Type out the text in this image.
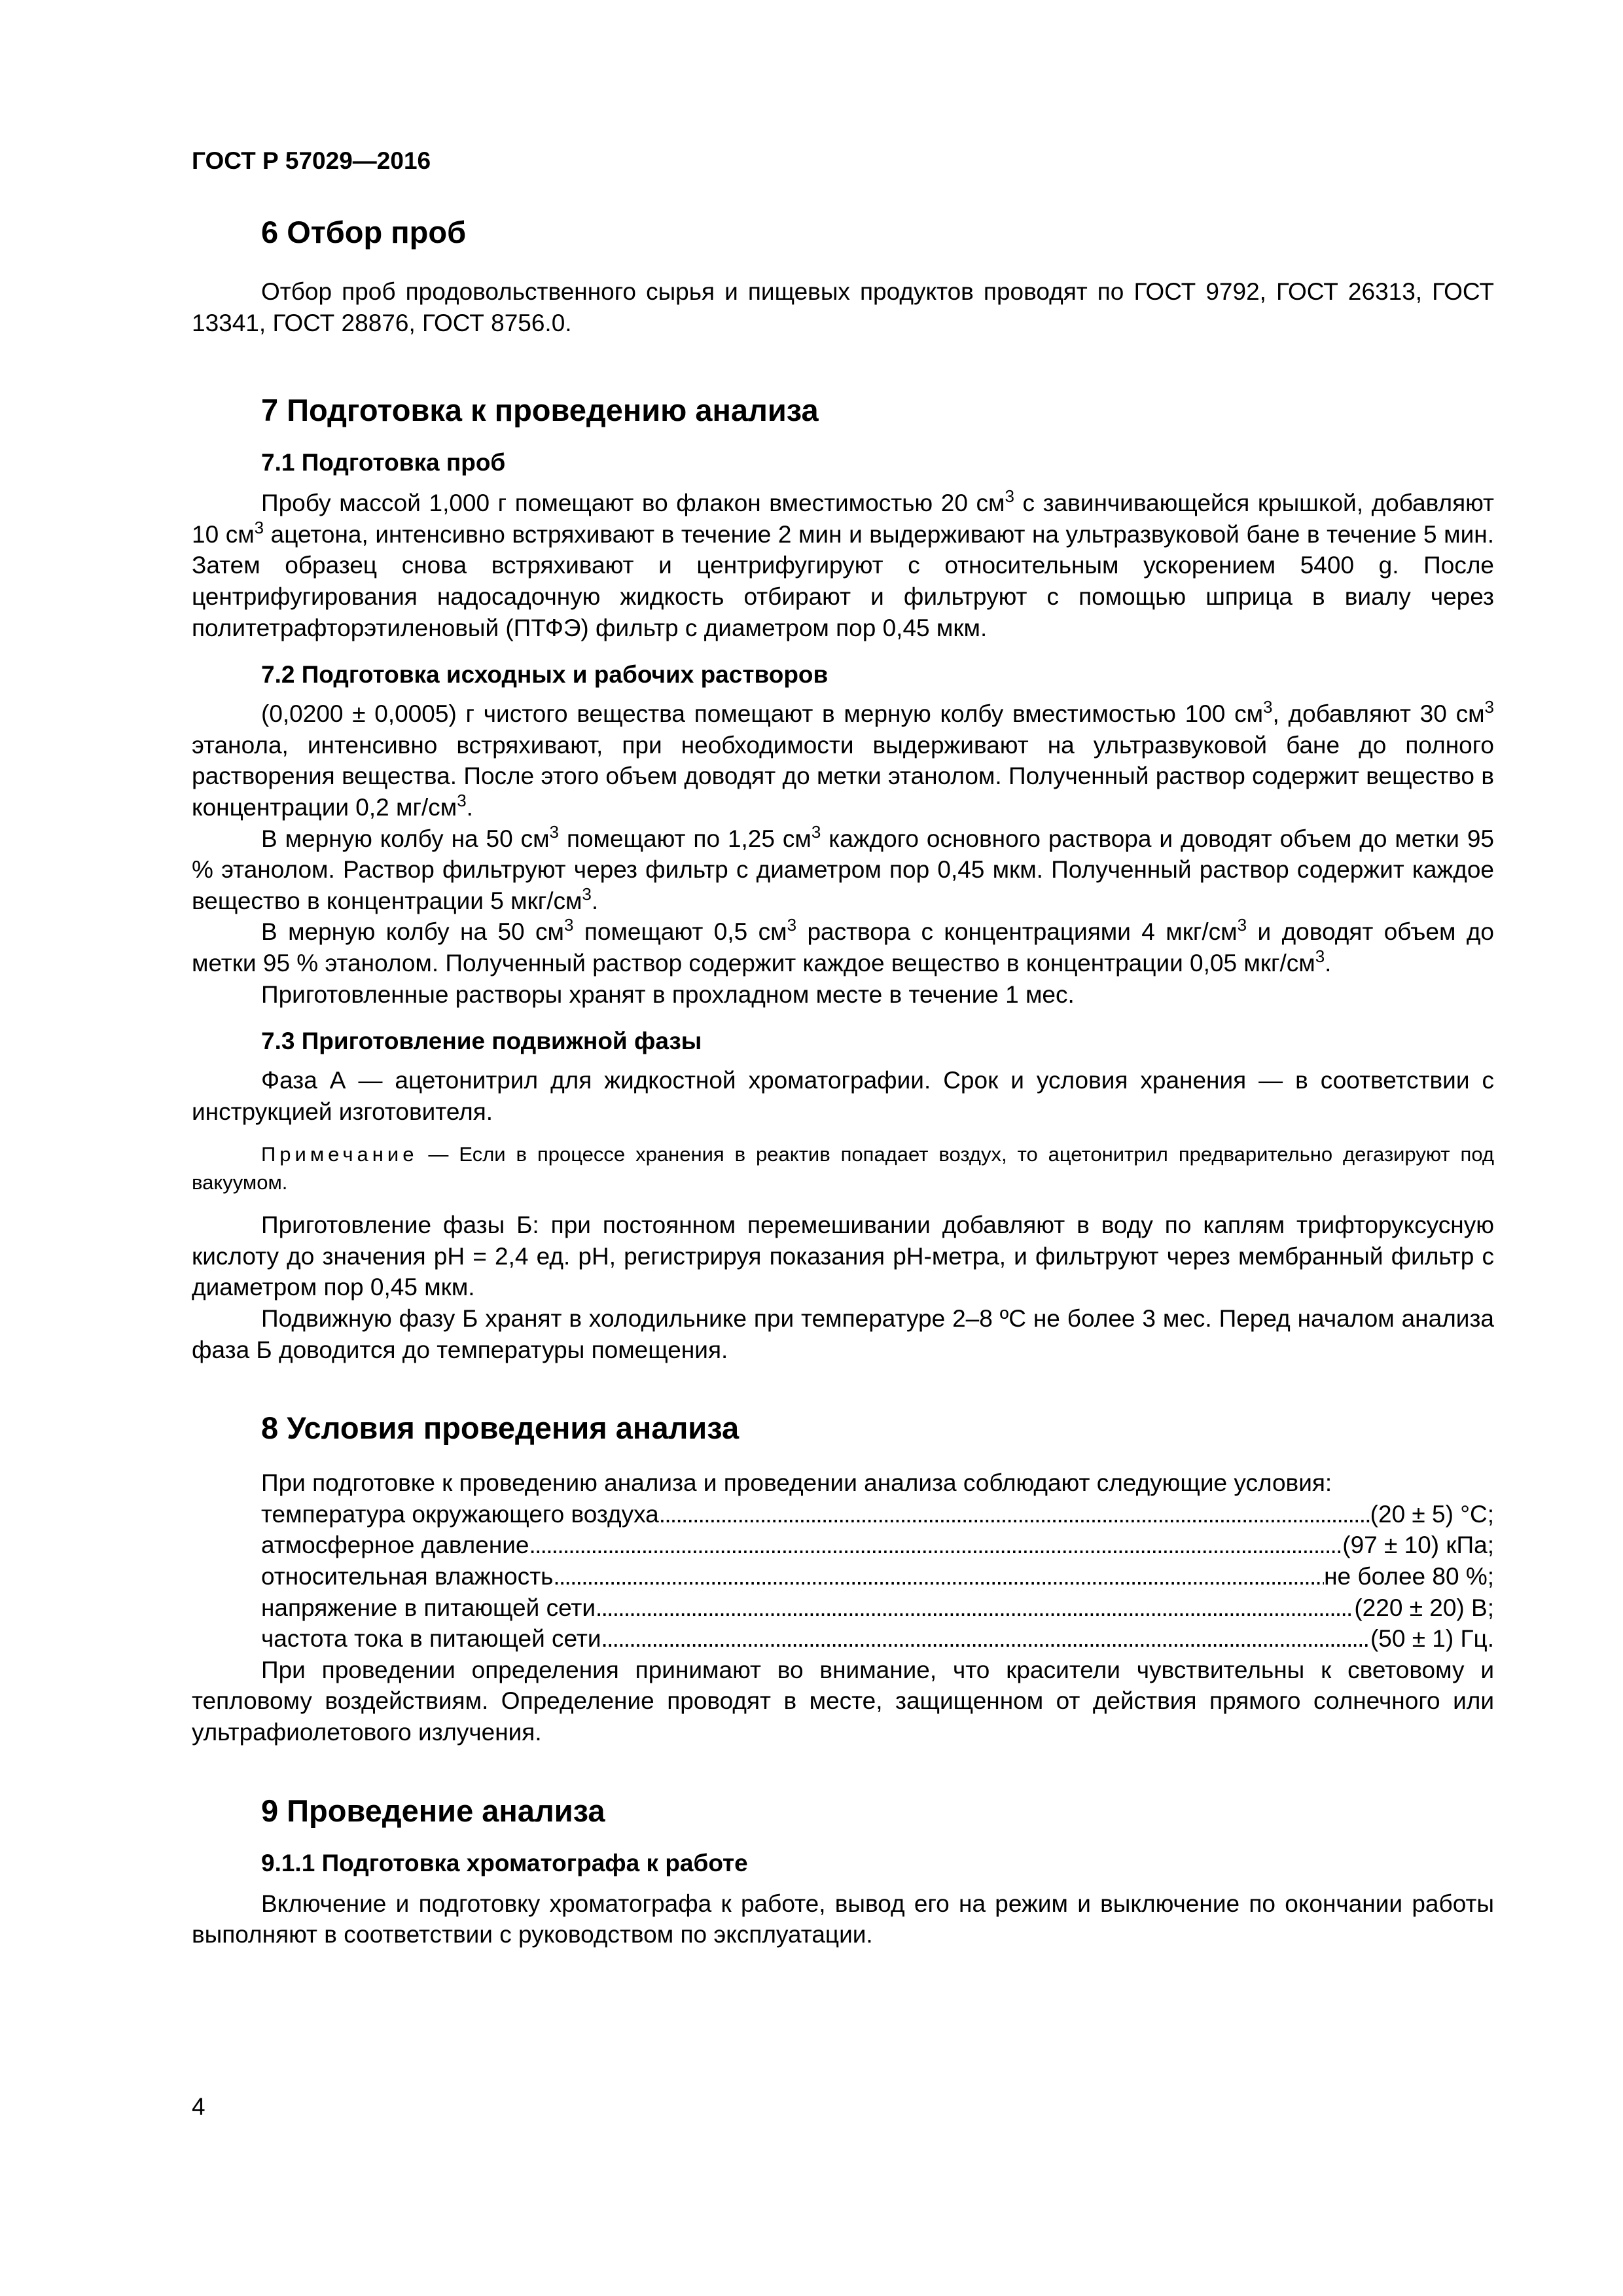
ГОСТ Р 57029—2016
6 Отбор проб

Отбор проб продовольственного сырья и пищевых продуктов проводят по ГОСТ 9792, ГОСТ 26313, ГОСТ 13341, ГОСТ 28876, ГОСТ 8756.0.

7 Подготовка к проведению анализа
7.1 Подготовка проб

Пробу массой 1,000 г помещают во флакон вместимостью 20 $см^3$ с завинчивающейся крышкой, добавляют 10 $см^3$ ацетона, интенсивно встряхивают в течение 2 мин и выдерживают на ультразвуковой бане в течение 5 мин. Затем образец снова встряхивают и центрифугируют с относительным ускорением 5400 g. После центрифугирования надосадочную жидкость отбирают и фильтруют с помощью шприца в виалу через политетрафторэтиленовый (ПТФЭ) фильтр с диаметром пор 0,45 мкм.

7.2 Подготовка исходных и рабочих растворов

(0,0200 ± 0,0005) г чистого вещества помещают в мерную колбу вместимостью 100 $см^3$, добавляют 30 $см^3$ этанола, интенсивно встряхивают, при необходимости выдерживают на ультразвуковой бане до полного растворения вещества. После этого объем доводят до метки этанолом. Полученный раствор содержит вещество в концентрации 0,2 $мг/см^3$.

В мерную колбу на 50 $см^3$ помещают по 1,25 $см^3$ каждого основного раствора и доводят объем до метки 95 % этанолом. Раствор фильтруют через фильтр с диаметром пор 0,45 мкм. Полученный раствор содержит каждое вещество в концентрации 5 мкг/$см^3$.

В мерную колбу на 50 $см^3$ помещают 0,5 $см^3$ раствора с концентрациями 4 мкг/$см^3$ и доводят объем до метки 95 % этанолом. Полученный раствор содержит каждое вещество в концентрации 0,05 мкг/$см^3$.

Приготовленные растворы хранят в прохладном месте в течение 1 мес.

7.3 Приготовление подвижной фазы

Фаза А — ацетонитрил для жидкостной хроматографии. Срок и условия хранения — в соответствии с инструкцией изготовителя.

Примечание — Если в процессе хранения в реактив попадает воздух, то ацетонитрил предварительно дегазируют под вакуумом.

Приготовление фазы Б: при постоянном перемешивании добавляют в воду по каплям трифторуксусную кислоту до значения рН = 2,4 ед. рН, регистрируя показания рН-метра, и фильтруют через мембранный фильтр с диаметром пор 0,45 мкм.

Подвижную фазу Б хранят в холодильнике при температуре 2–8 ºС не более 3 мес. Перед началом анализа фаза Б доводится до температуры помещения.

8 Условия проведения анализа

При подготовке к проведению анализа и проведении анализа соблюдают следующие условия:

температура окружающего воздуха . . .	(20 ± 5) °С;
атмосферное давление . . .	(97 ± 10) кПа;
относительная влажность . . .	не более 80 %;
напряжение в питающей сети . . .	(220 ± 20) В;
частота тока в питающей сети . . .	(50 ± 1) Гц.

При проведении определения принимают во внимание, что красители чувствительны к световому и тепловому воздействиям. Определение проводят в месте, защищенном от действия прямого солнечного или ультрафиолетового излучения.

9 Проведение анализа
9.1.1 Подготовка хроматографа к работе

Включение и подготовку хроматографа к работе, вывод его на режим и выключение по окончании работы выполняют в соответствии с руководством по эксплуатации.

4
